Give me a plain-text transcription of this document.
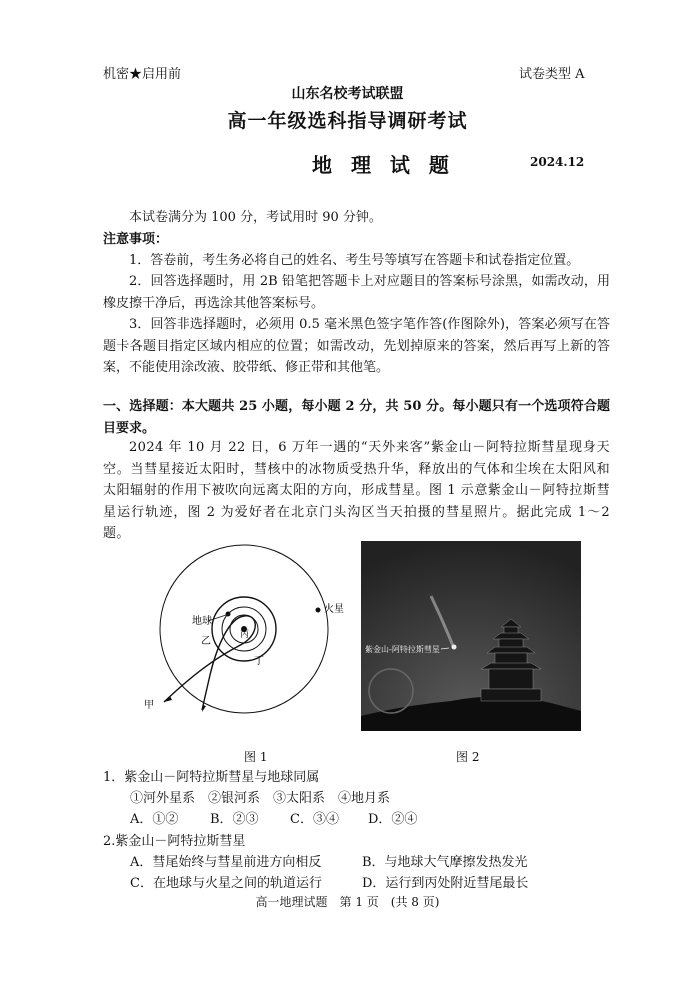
机密★启用前	试卷类型 A
山东名校考试联盟
高一年级选科指导调研考试
地 理 试 题	2024.12
本试卷满分为 100 分，考试用时 90 分钟。
注意事项：
1．答卷前，考生务必将自己的姓名、考生号等填写在答题卡和试卷指定位置。
2．回答选择题时，用 2B 铅笔把答题卡上对应题目的答案标号涂黑，如需改动，用橡皮擦干净后，再选涂其他答案标号。
3．回答非选择题时，必须用 0.5 毫米黑色签字笔作答(作图除外)，答案必须写在答题卡各题目指定区域内相应的位置；如需改动，先划掉原来的答案，然后再写上新的答案，不能使用涂改液、胶带纸、修正带和其他笔。
一、选择题：本大题共 25 小题，每小题 2 分，共 50 分。每小题只有一个选项符合题目要求。
2024 年 10 月 22 日，6 万年一遇的“天外来客”紫金山－阿特拉斯彗星现身天空。当彗星接近太阳时，彗核中的冰物质受热升华，释放出的气体和尘埃在太阳风和太阳辐射的作用下被吹向远离太阳的方向，形成彗星。图 1 示意紫金山－阿特拉斯彗星运行轨迹，图 2 为爱好者在北京门头沟区当天拍摄的彗星照片。据此完成 1～2 题。
地球
火星
甲
乙
丙
丁
图 1
紫金山-阿特拉斯彗星
图 2
1．紫金山－阿特拉斯彗星与地球同属
①河外星系　②银河系　③太阳系　④地月系
A．①② B．②③ C．③④ D．②④
2.紫金山－阿特拉斯彗星
A．彗尾始终与彗星前进方向相反	B．与地球大气摩擦发热发光
C．在地球与火星之间的轨道运行	D．运行到丙处附近彗尾最长
高一地理试题　第 1 页　(共 8 页)
